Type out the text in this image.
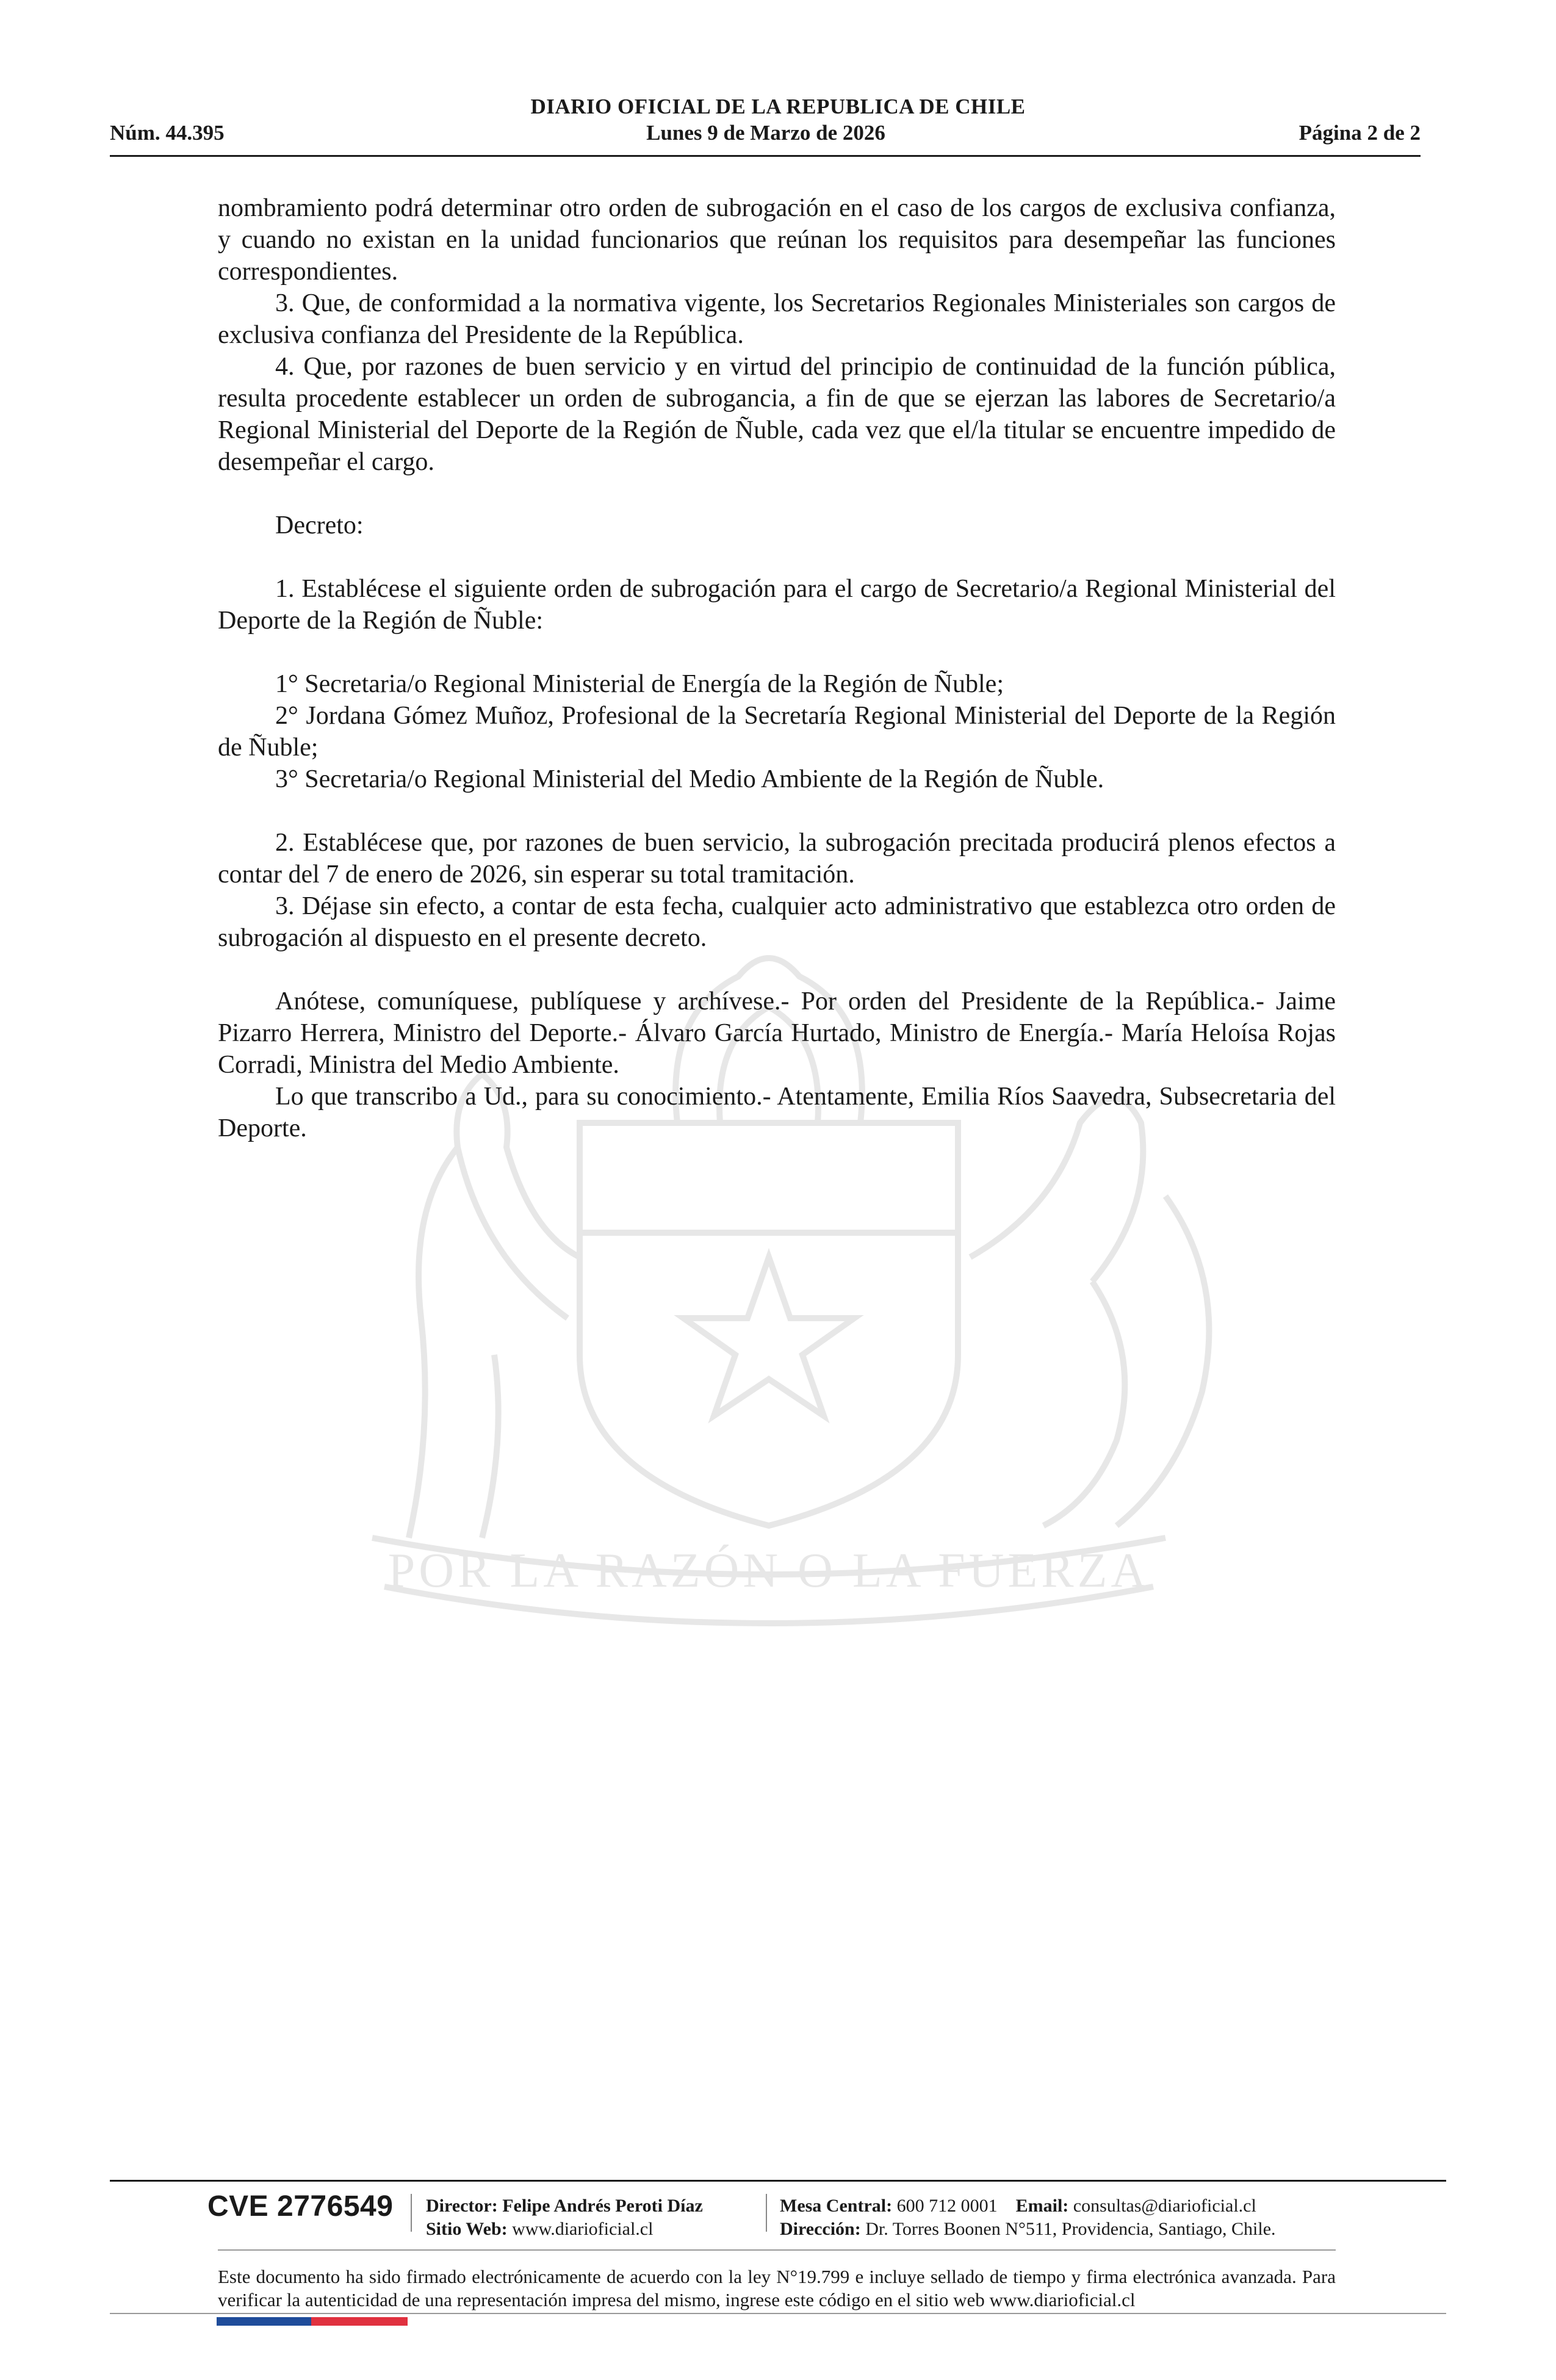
DIARIO OFICIAL DE LA REPUBLICA DE CHILE
Núm. 44.395	Lunes 9 de Marzo de 2026	Página 2 de 2
POR LA RAZÓN O LA FUERZA

nombramiento podrá determinar otro orden de subrogación en el caso de los cargos de exclusiva confianza, y cuando no existan en la unidad funcionarios que reúnan los requisitos para desempeñar las funciones correspondientes.

3. Que, de conformidad a la normativa vigente, los Secretarios Regionales Ministeriales son cargos de exclusiva confianza del Presidente de la República.

4. Que, por razones de buen servicio y en virtud del principio de continuidad de la función pública, resulta procedente establecer un orden de subrogancia, a fin de que se ejerzan las labores de Secretario/a Regional Ministerial del Deporte de la Región de Ñuble, cada vez que el/la titular se encuentre impedido de desempeñar el cargo.

Decreto:

1. Establécese el siguiente orden de subrogación para el cargo de Secretario/a Regional Ministerial del Deporte de la Región de Ñuble:

1° Secretaria/o Regional Ministerial de Energía de la Región de Ñuble;

2° Jordana Gómez Muñoz, Profesional de la Secretaría Regional Ministerial del Deporte de la Región de Ñuble;

3° Secretaria/o Regional Ministerial del Medio Ambiente de la Región de Ñuble.

2. Establécese que, por razones de buen servicio, la subrogación precitada producirá plenos efectos a contar del 7 de enero de 2026, sin esperar su total tramitación.

3. Déjase sin efecto, a contar de esta fecha, cualquier acto administrativo que establezca otro orden de subrogación al dispuesto en el presente decreto.

Anótese, comuníquese, publíquese y archívese.- Por orden del Presidente de la República.- Jaime Pizarro Herrera, Ministro del Deporte.- Álvaro García Hurtado, Ministro de Energía.- María Heloísa Rojas Corradi, Ministra del Medio Ambiente.

Lo que transcribo a Ud., para su conocimiento.- Atentamente, Emilia Ríos Saavedra, Subsecretaria del Deporte.

CVE 2776549 Director: Felipe Andrés Peroti Díaz
Sitio Web: www.diarioficial.cl
Mesa Central: 600 712 0001 Email: consultas@diarioficial.cl
Dirección: Dr. Torres Boonen N°511, Providencia, Santiago, Chile.
Este documento ha sido firmado electrónicamente de acuerdo con la ley N°19.799 e incluye sellado de tiempo y firma electrónica avanzada. Para verificar la autenticidad de una representación impresa del mismo, ingrese este código en el sitio web www.diarioficial.cl
